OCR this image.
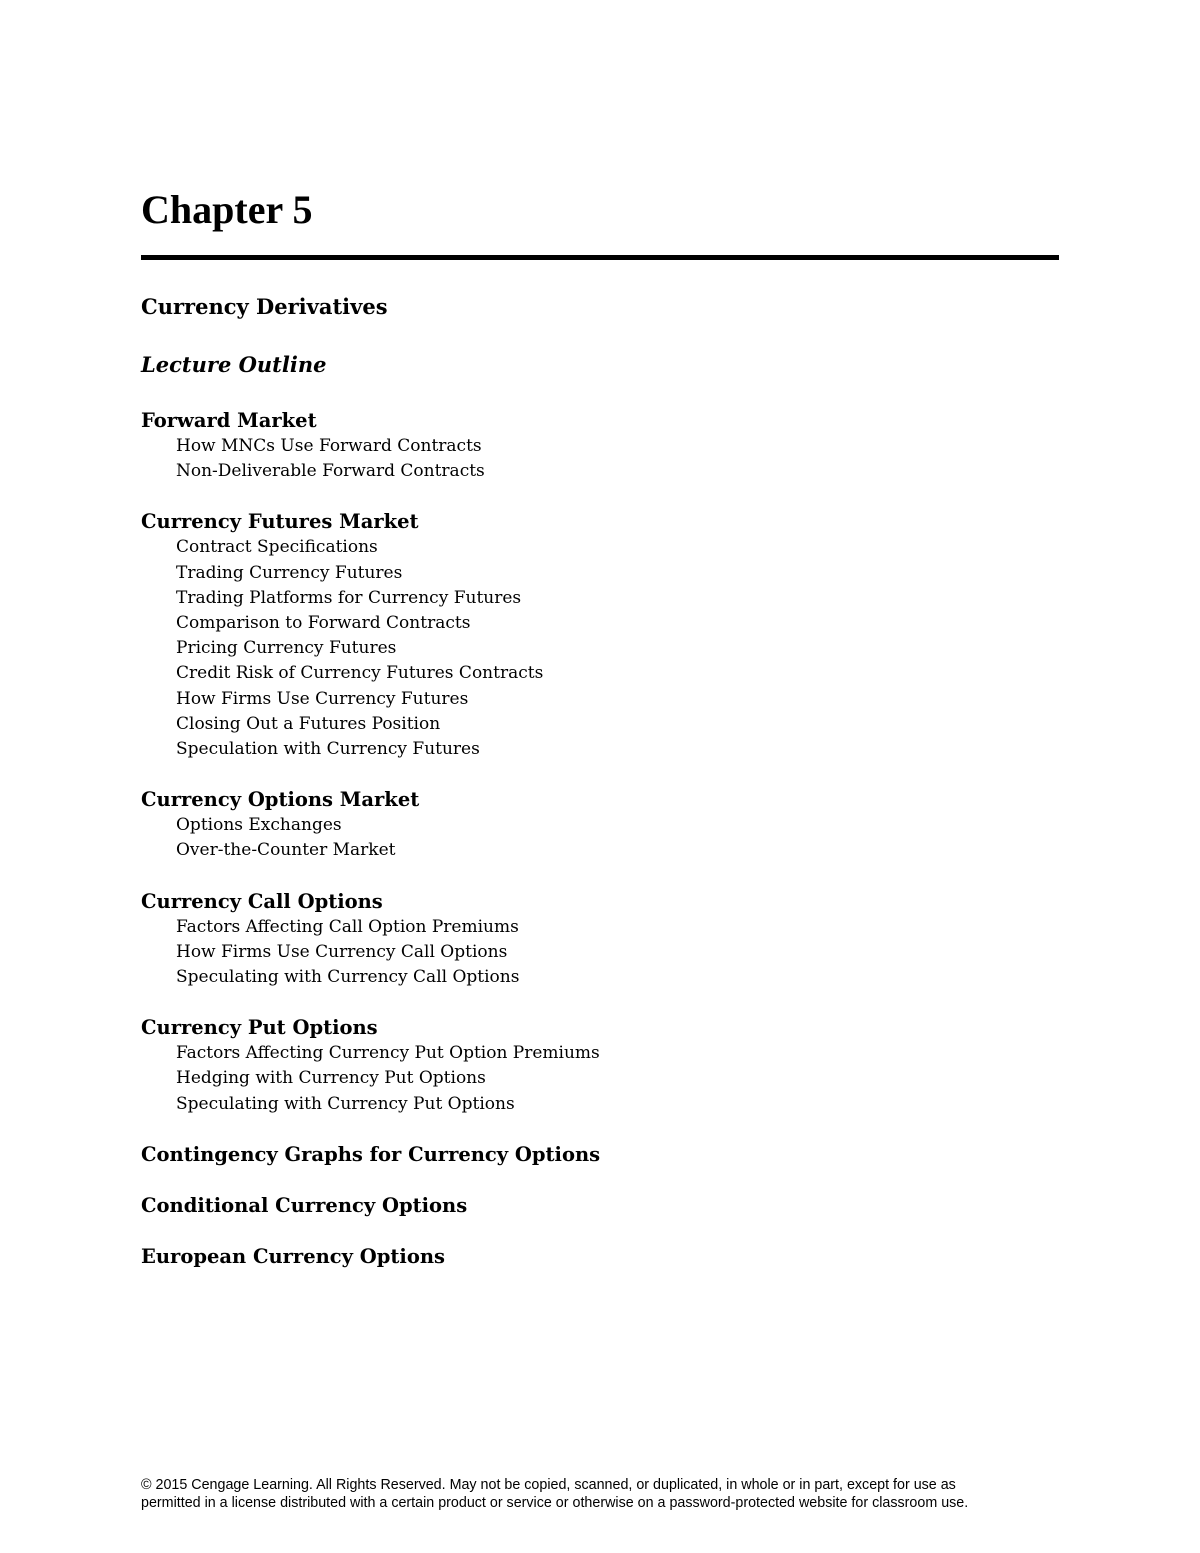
Chapter 5
Currency Derivatives
Lecture Outline
Forward Market
How MNCs Use Forward Contracts
Non-Deliverable Forward Contracts
Currency Futures Market
Contract Specifications
Trading Currency Futures
Trading Platforms for Currency Futures
Comparison to Forward Contracts
Pricing Currency Futures
Credit Risk of Currency Futures Contracts
How Firms Use Currency Futures
Closing Out a Futures Position
Speculation with Currency Futures
Currency Options Market
Options Exchanges
Over-the-Counter Market
Currency Call Options
Factors Affecting Call Option Premiums
How Firms Use Currency Call Options
Speculating with Currency Call Options
Currency Put Options
Factors Affecting Currency Put Option Premiums
Hedging with Currency Put Options
Speculating with Currency Put Options
Contingency Graphs for Currency Options
Conditional Currency Options
European Currency Options
© 2015 Cengage Learning. All Rights Reserved. May not be copied, scanned, or duplicated, in whole or in part, except for use as
permitted in a license distributed with a certain product or service or otherwise on a password-protected website for classroom use.
